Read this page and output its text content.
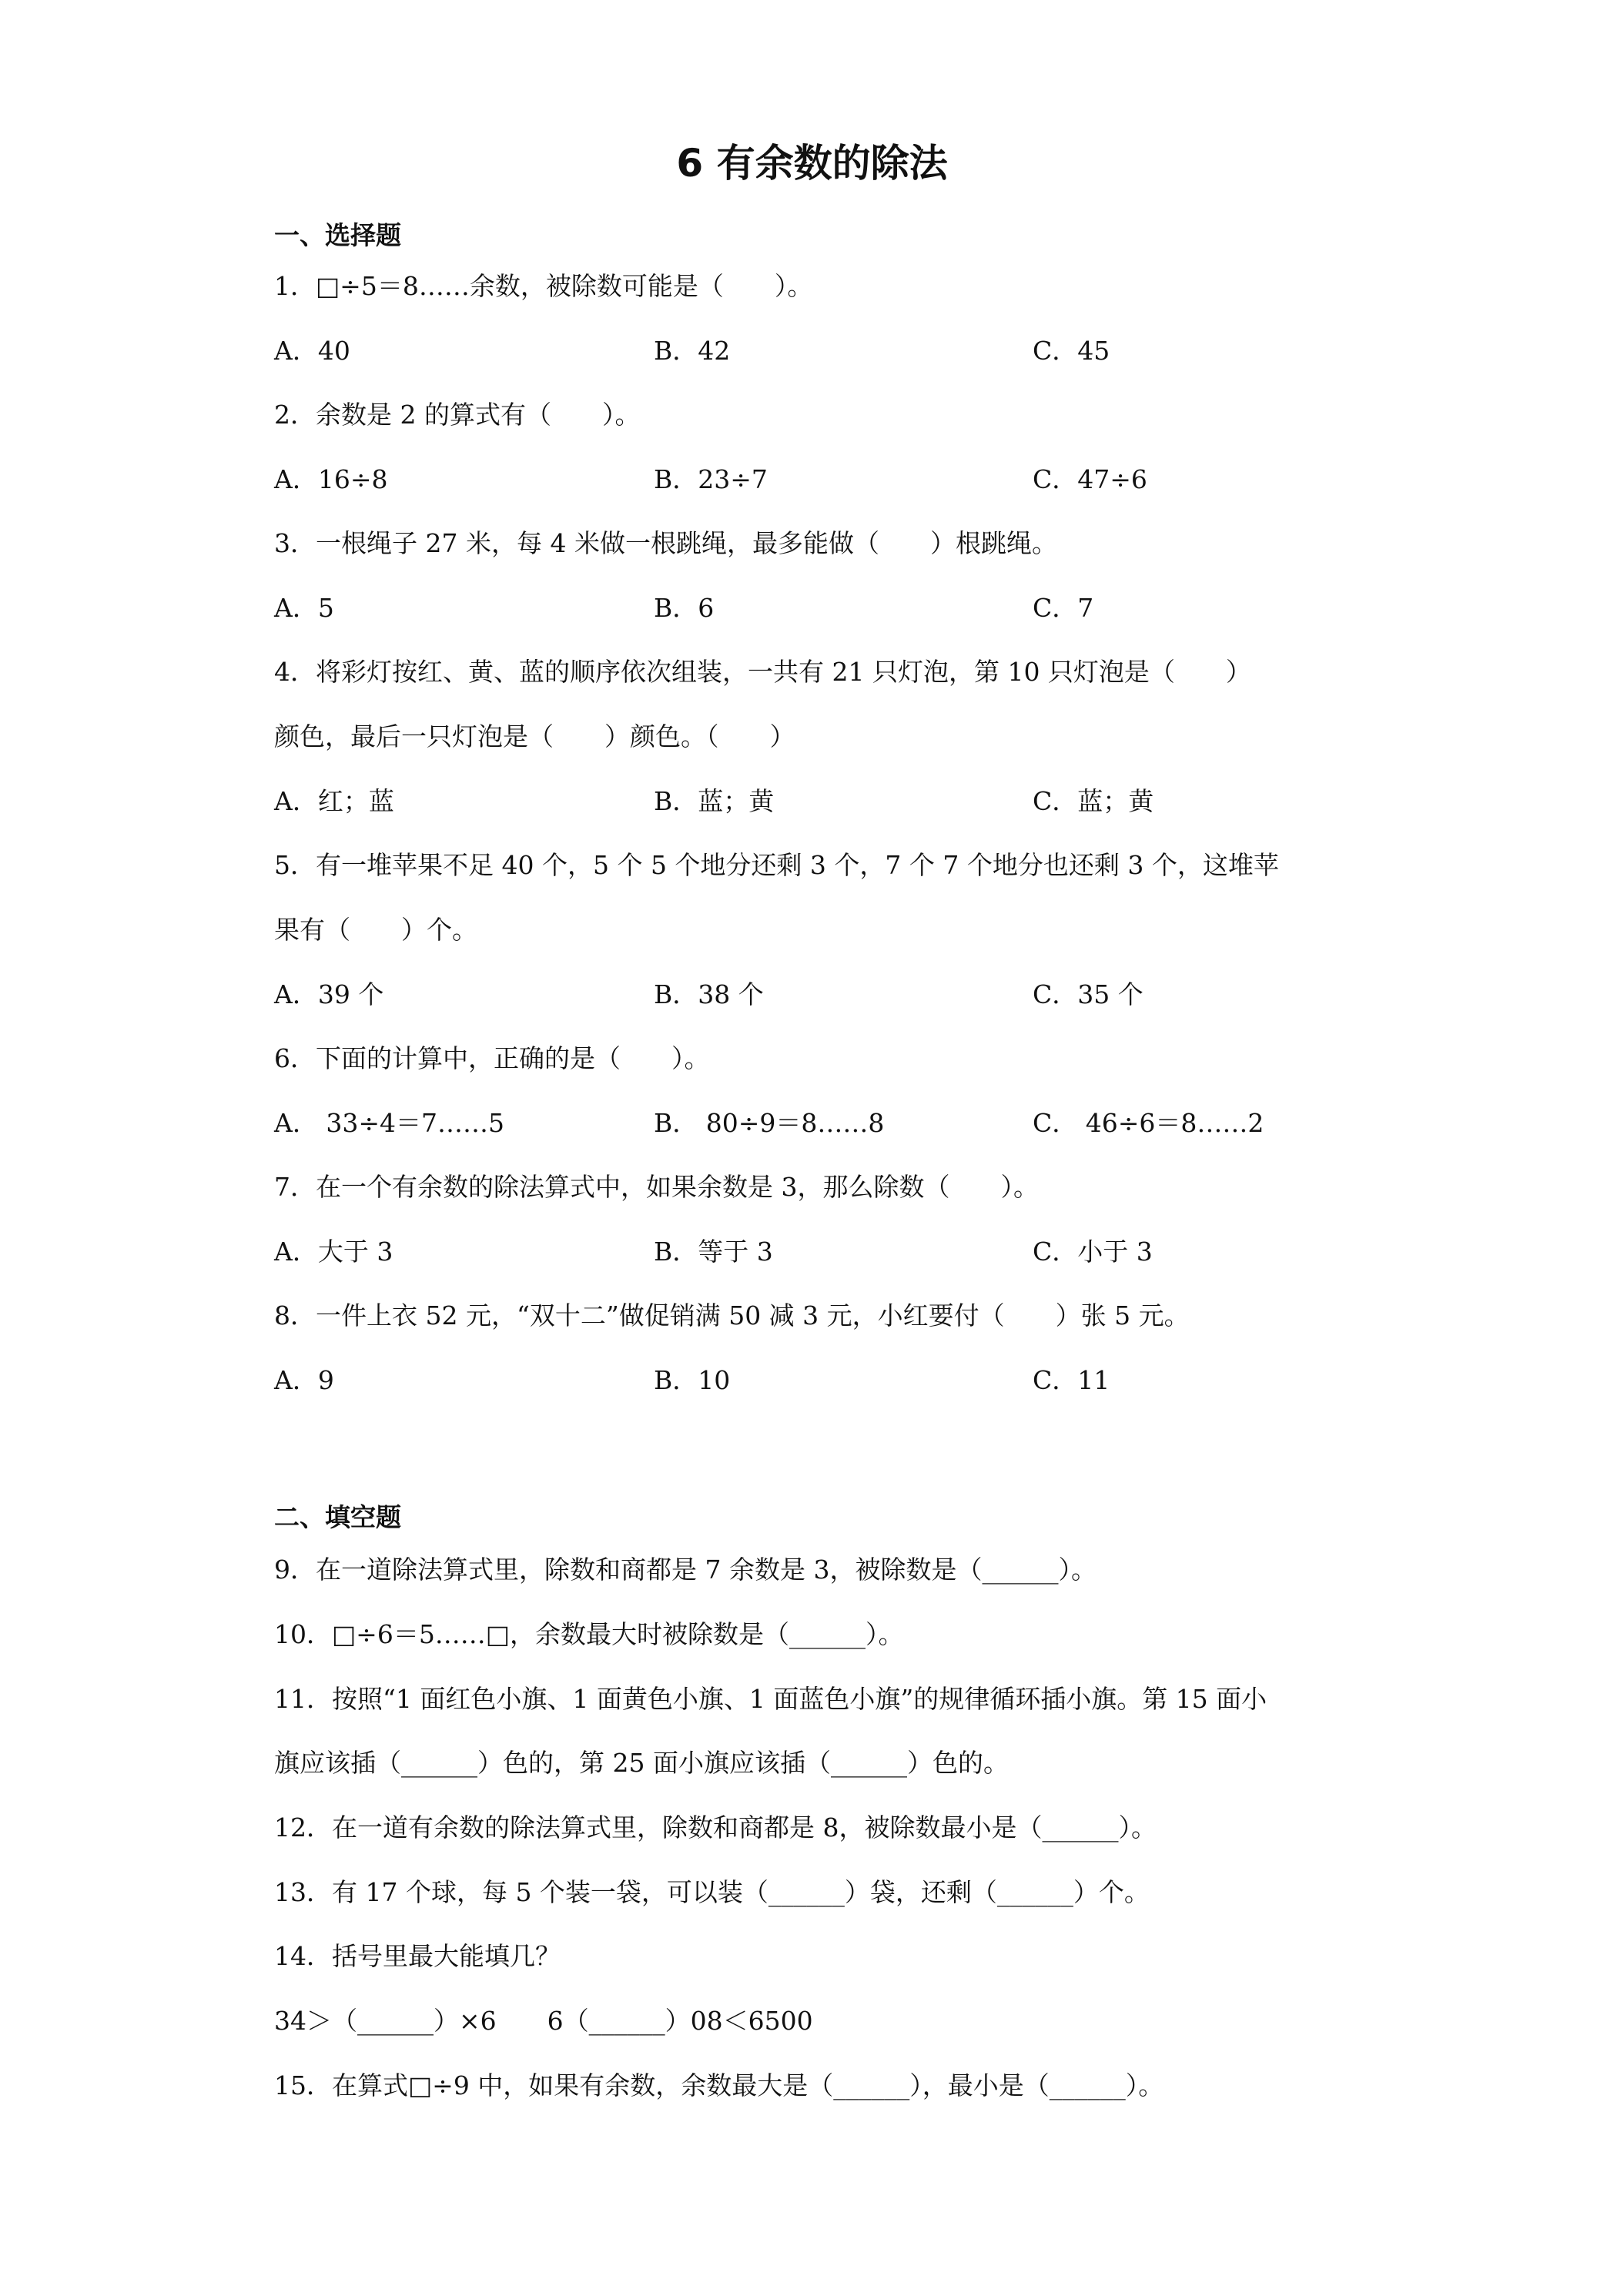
6 有余数的除法
一、选择题
1．□÷5＝8……余数，被除数可能是（　　）。
A．40	B．42	C．45
2．余数是 2 的算式有（　　）。
A．16÷8	B．23÷7	C．47÷6
3．一根绳子 27 米，每 4 米做一根跳绳，最多能做（　　）根跳绳。
A．5	B．6	C．7
4．将彩灯按红、黄、蓝的顺序依次组装，一共有 21 只灯泡，第 10 只灯泡是（　　）
颜色，最后一只灯泡是（　　）颜色。（　　）
A．红；蓝	B．蓝；黄	C．蓝；黄
5．有一堆苹果不足 40 个，5 个 5 个地分还剩 3 个，7 个 7 个地分也还剩 3 个，这堆苹
果有（　　）个。
A．39 个	B．38 个	C．35 个
6．下面的计算中，正确的是（　　）。
A． 33÷4＝7……5	B． 80÷9＝8……8	C． 46÷6＝8……2
7．在一个有余数的除法算式中，如果余数是 3，那么除数（　　）。
A．大于 3	B．等于 3	C．小于 3
8．一件上衣 52 元，“双十二”做促销满 50 减 3 元，小红要付（　　）张 5 元。
A．9	B．10	C．11
二、填空题
9．在一道除法算式里，除数和商都是 7 余数是 3，被除数是（______）。
10．□÷6＝5……□，余数最大时被除数是（______）。
11．按照“1 面红色小旗、1 面黄色小旗、1 面蓝色小旗”的规律循环插小旗。第 15 面小
旗应该插（______）色的，第 25 面小旗应该插（______）色的。
12．在一道有余数的除法算式里，除数和商都是 8，被除数最小是（______）。
13．有 17 个球，每 5 个装一袋，可以装（______）袋，还剩（______）个。
14．括号里最大能填几？
34＞（______）×6　　6（______）08＜6500
15．在算式□÷9 中，如果有余数，余数最大是（______），最小是（______）。
